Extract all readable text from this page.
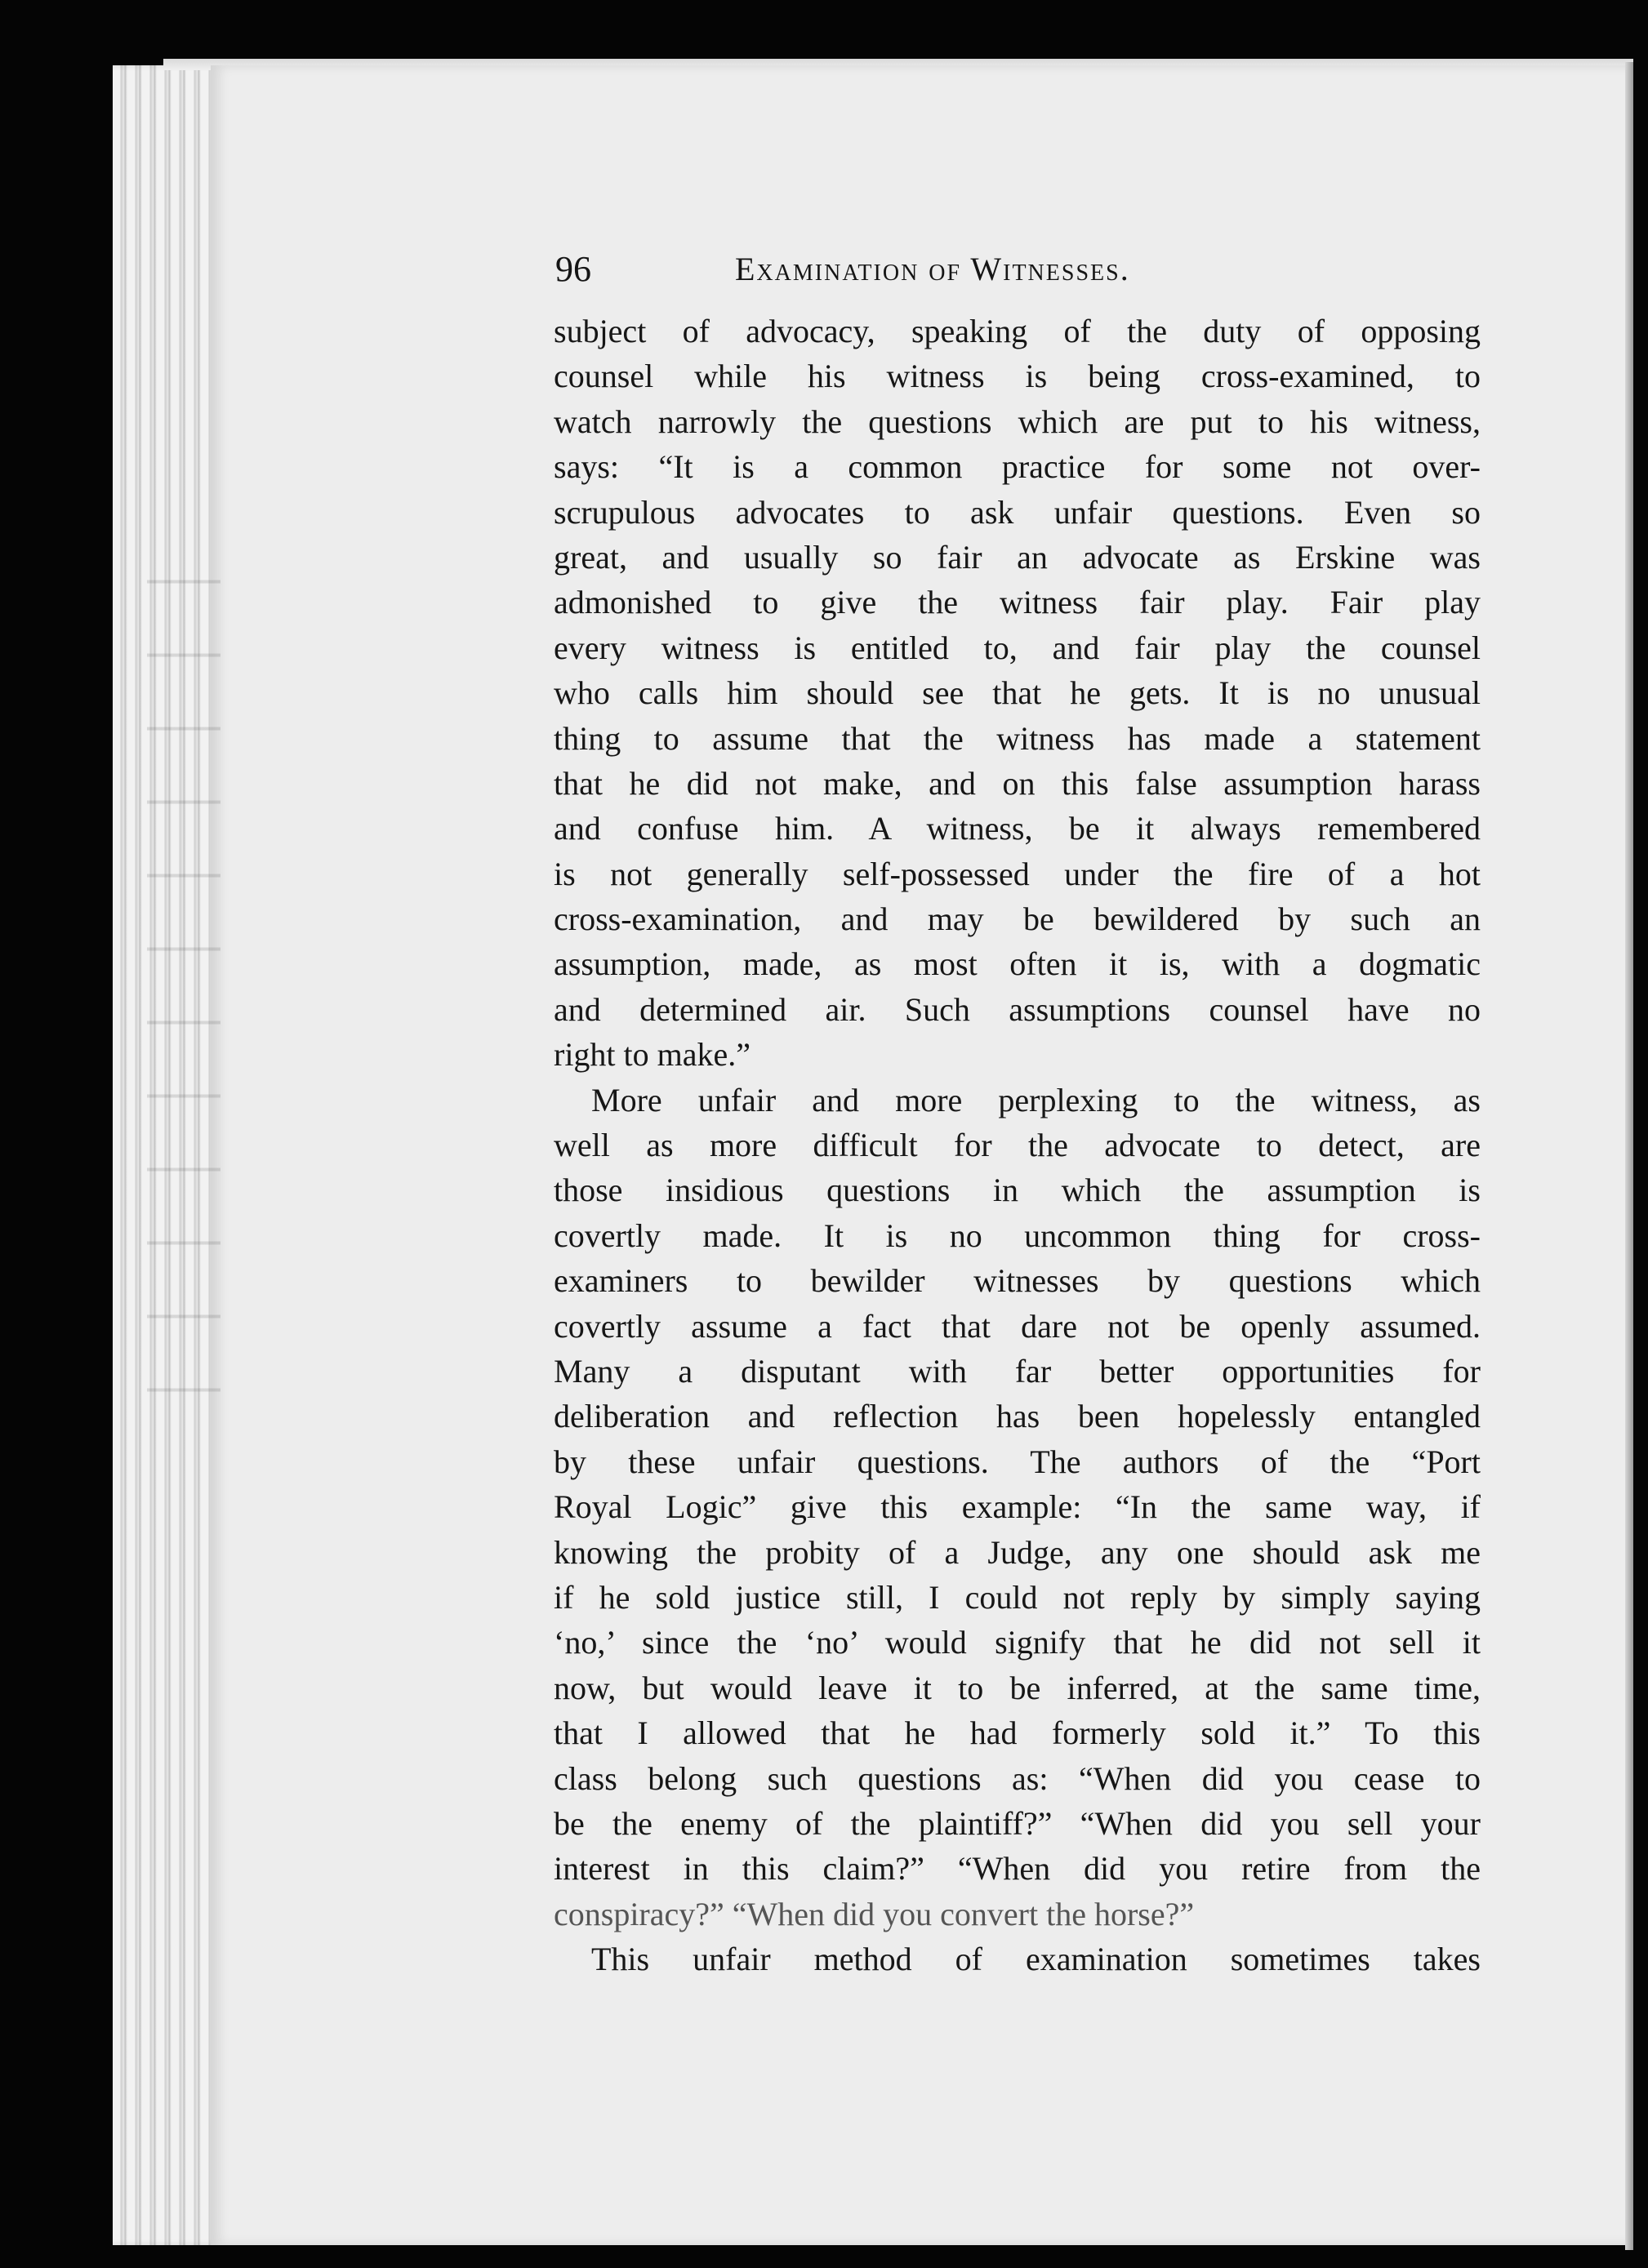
96	Examination of Witnesses.
subject of advocacy, speaking of the duty of opposing
counsel while his witness is being cross-examined, to
watch narrowly the questions which are put to his witness,
says: “It is a common practice for some not over-
scrupulous advocates to ask unfair questions. Even so
great, and usually so fair an advocate as Erskine was
admonished to give the witness fair play. Fair play
every witness is entitled to, and fair play the counsel
who calls him should see that he gets. It is no unusual
thing to assume that the witness has made a statement
that he did not make, and on this false assumption harass
and confuse him. A witness, be it always remembered
is not generally self-possessed under the fire of a hot
cross-examination, and may be bewildered by such an
assumption, made, as most often it is, with a dogmatic
and determined air. Such assumptions counsel have no
right to make.”
More unfair and more perplexing to the witness, as
well as more difficult for the advocate to detect, are
those insidious questions in which the assumption is
covertly made. It is no uncommon thing for cross-
examiners to bewilder witnesses by questions which
covertly assume a fact that dare not be openly assumed.
Many a disputant with far better opportunities for
deliberation and reflection has been hopelessly entangled
by these unfair questions. The authors of the “Port
Royal Logic” give this example: “In the same way, if
knowing the probity of a Judge, any one should ask me
if he sold justice still, I could not reply by simply saying
‘no,’ since the ‘no’ would signify that he did not sell it
now, but would leave it to be inferred, at the same time,
that I allowed that he had formerly sold it.” To this
class belong such questions as: “When did you cease to
be the enemy of the plaintiff?” “When did you sell your
interest in this claim?” “When did you retire from the
conspiracy?” “When did you convert the horse?”
This unfair method of examination sometimes takes
